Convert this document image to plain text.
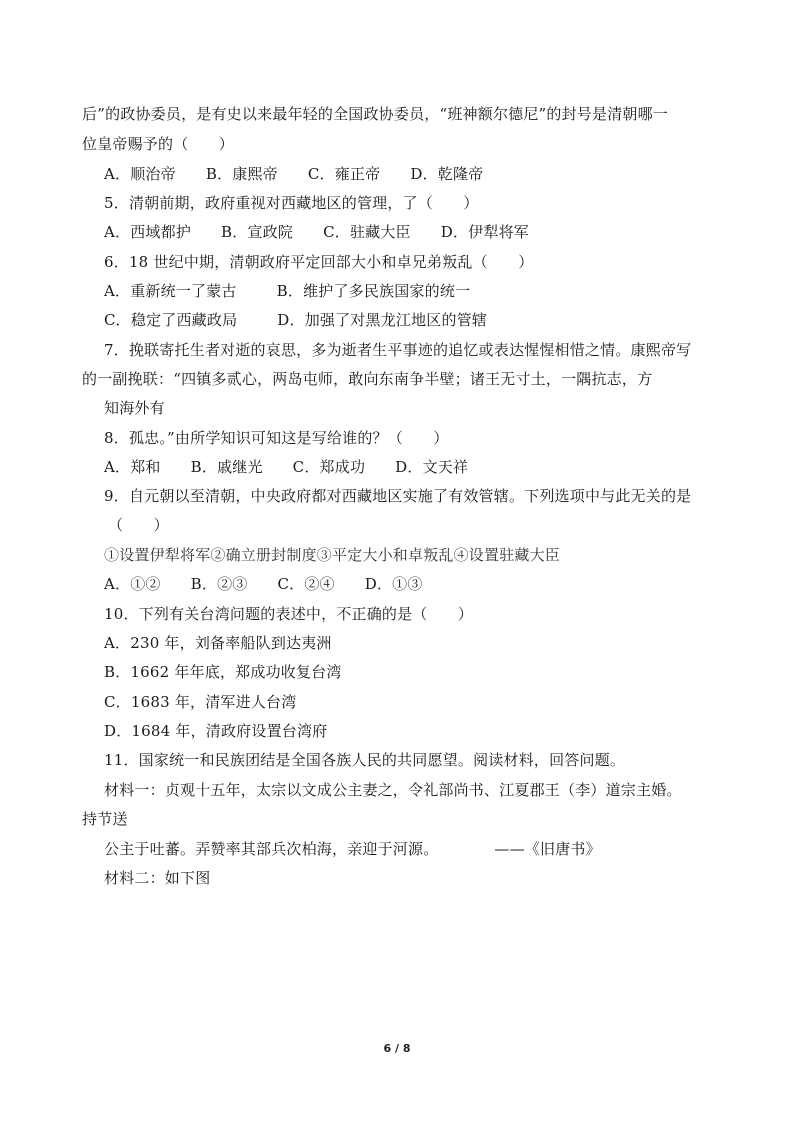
后”的政协委员，是有史以来最年轻的全国政协委员，“班神额尔德尼”的封号是清朝哪一
位皇帝赐予的（　　）
A．顺治帝 B．康熙帝 C．雍正帝 D．乾隆帝
5．清朝前期，政府重视对西藏地区的管理，了（　　）
A．西域都护 B．宣政院 C．驻藏大臣 D．伊犁将军
6．18 世纪中期，清朝政府平定回部大小和卓兄弟叛乱（　　）
A．重新统一了蒙古	B．维护了多民族国家的统一
C．稳定了西藏政局	D．加强了对黑龙江地区的管辖
7．挽联寄托生者对逝的哀思，多为逝者生平事迹的追忆或表达惺惺相惜之情。康熙帝写
的一副挽联：“四镇多贰心，两岛屯师，敢向东南争半壁；诸王无寸土，一隅抗志，方
知海外有
8．孤忠。”由所学知识可知这是写给谁的？（　　）
A．郑和 B．戚继光 C．郑成功 D．文天祥
9．自元朝以至清朝，中央政府都对西藏地区实施了有效管辖。下列选项中与此无关的是
（　　）
①设置伊犁将军②确立册封制度③平定大小和卓叛乱④设置驻藏大臣
A．①② B．②③ C．②④ D．①③
10．下列有关台湾问题的表述中，不正确的是（　　）
A．230 年，刘备率船队到达夷洲
B．1662 年年底，郑成功收复台湾
C．1683 年，清军进人台湾
D．1684 年，清政府设置台湾府
11．国家统一和民族团结是全国各族人民的共同愿望。阅读材料，回答问题。
材料一：贞观十五年，太宗以文成公主妻之，令礼部尚书、江夏郡王（李）道宗主婚。
持节送
公主于吐蕃。弄赞率其部兵次柏海，亲迎于河源。	——《旧唐书》
材料二：如下图
6 / 8
